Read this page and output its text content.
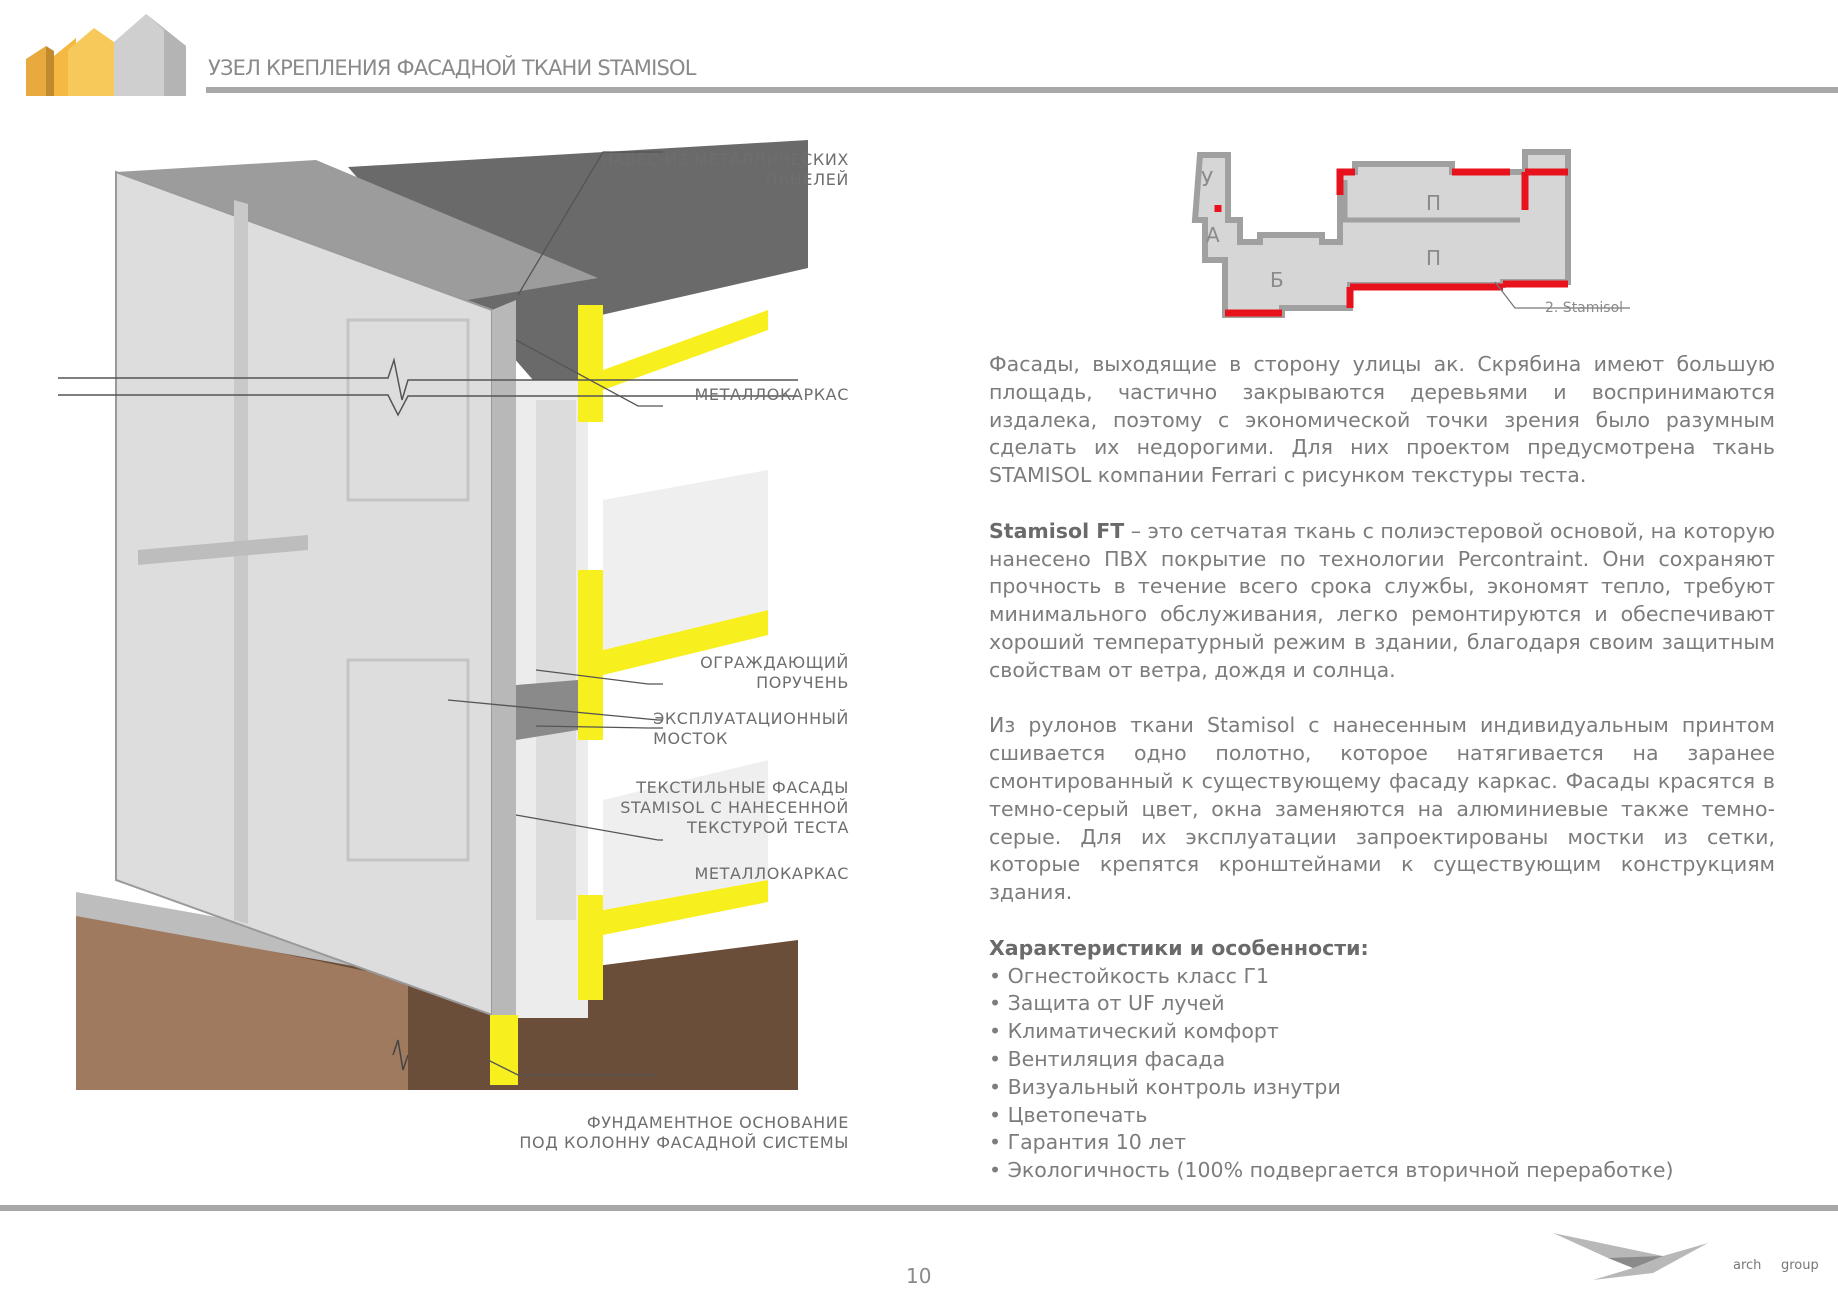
УЗЕЛ КРЕПЛЕНИЯ ФАСАДНОЙ ТКАНИ STAMISOL
НАВЕС ИЗ МЕТАЛЛИЧЕСКИХ
ПАНЕЛЕЙ
МЕТАЛЛОКАРКАС
ОГРАЖДАЮЩИЙ
ПОРУЧЕНЬ
ЭКСПЛУАТАЦИОННЫЙ
МОСТОК
ТЕКСТИЛЬНЫЕ ФАСАДЫ
STAMISOL С НАНЕСЕННОЙ
ТЕКСТУРОЙ ТЕСТА
МЕТАЛЛОКАРКАС
ФУНДАМЕНТНОЕ ОСНОВАНИЕ
ПОД КОЛОННУ ФАСАДНОЙ СИСТЕМЫ
У
А
Б
П
П
2. Stamisol

Фасады, выходящие в сторону улицы ак. Скрябина имеют большую площадь, частично закрываются деревьями и воспринимаются издалека, поэтому с экономической точки зрения было разумным сделать их недорогими. Для них проектом предусмотрена ткань STAMISOL компании Ferrari с рисунком текстуры теста.

Stamisol FT – это сетчатая ткань с полиэстеровой основой, на которую нанесено ПВХ покрытие по технологии Percontraint. Они сохраняют прочность в течение всего срока службы, экономят тепло, требуют минимального обслуживания, легко ремонтируются и обеспечивают хороший температурный режим в здании, благодаря своим защитным свойствам от ветра, дождя и солнца.

Из рулонов ткани Stamisol с нанесенным индивидуальным принтом сшивается одно полотно, которое натягивается на заранее смонтированный к существующему фасаду каркас. Фасады красятся в темно-серый цвет, окна заменяются на алюминиевые также темно-серые. Для их эксплуатации запроектированы мостки из сетки, которые крепятся кронштейнами к существующим конструкциям здания.

Характеристики и особенности:
• Огнестойкость класс Г1
• Защита от UF лучей
• Климатический комфорт
• Вентиляция фасада
• Визуальный контроль изнутри
• Цветопечать
• Гарантия 10 лет
• Экологичность (100% подвергается вторичной переработке)
10	arch group
